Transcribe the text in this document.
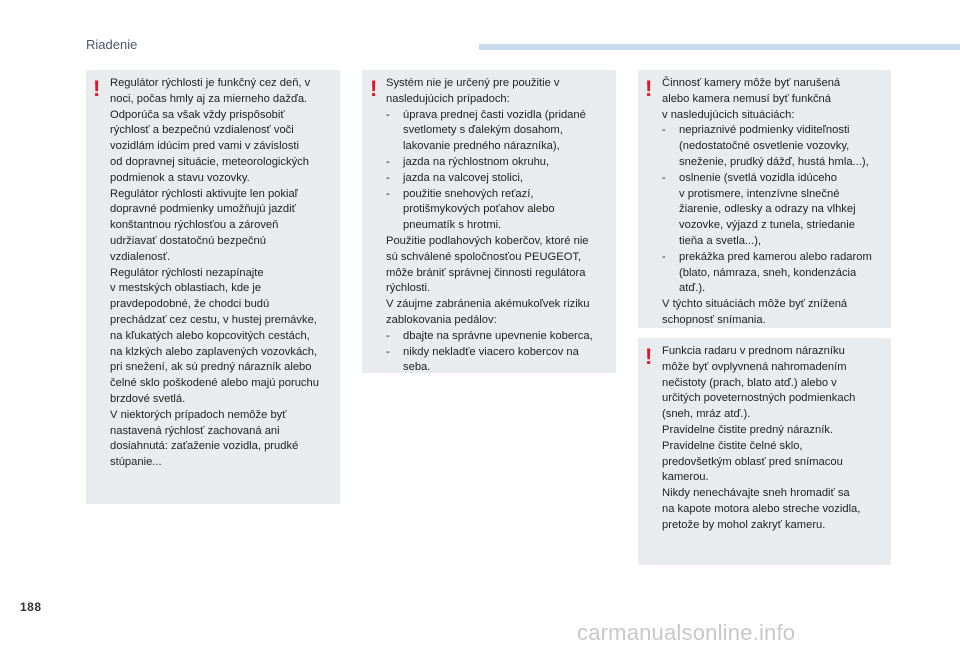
Riadenie
! Regulátor rýchlosti je funkčný cez deň, v
noci, počas hmly aj za mierneho dažďa.
Odporúča sa však vždy prispôsobiť
rýchlosť a bezpečnú vzdialenosť voči
vozidlám idúcim pred vami v závislosti
od dopravnej situácie, meteorologických
podmienok a stavu vozovky.
Regulátor rýchlosti aktivujte len pokiaľ
dopravné podmienky umožňujú jazdiť
konštantnou rýchlosťou a zároveň
udržiavať dostatočnú bezpečnú
vzdialenosť.
Regulátor rýchlosti nezapínajte
v mestských oblastiach, kde je
pravdepodobné, že chodci budú
prechádzať cez cestu, v hustej premávke,
na kľukatých alebo kopcovitých cestách,
na klzkých alebo zaplavených vozovkách,
pri snežení, ak sú predný nárazník alebo
čelné sklo poškodené alebo majú poruchu
brzdové svetlá.
V niektorých prípadoch nemôže byť
nastavená rýchlosť zachovaná ani
dosiahnutá: zaťaženie vozidla, prudké
stúpanie...
! Systém nie je určený pre použitie v
nasledujúcich prípadoch:
-	úprava prednej časti vozidla (pridané
svetlomety s ďalekým dosahom,
lakovanie predného nárazníka),
-	jazda na rýchlostnom okruhu,
-	jazda na valcovej stolici,
-	použitie snehových reťazí,
protišmykových poťahov alebo
pneumatík s hrotmi.
Použitie podlahových koberčov, ktoré nie
sú schválené spoločnosťou PEUGEOT,
môže brániť správnej činnosti regulátora
rýchlosti.
V záujme zabránenia akémukoľvek riziku
zablokovania pedálov:
-	dbajte na správne upevnenie koberca,
-	nikdy nekladťe viacero kobercov na
seba.
! Činnosť kamery môže byť narušená
alebo kamera nemusí byť funkčná
v nasledujúcich situáciách:
-	nepriaznivé podmienky viditeľnosti
(nedostatočné osvetlenie vozovky,
sneženie, prudký dážď, hustá hmla...),
-	oslnenie (svetlá vozidla idúceho
v protismere, intenzívne slnečné
žiarenie, odlesky a odrazy na vlhkej
vozovke, výjazd z tunela, striedanie
tieňa a svetla...),
-	prekážka pred kamerou alebo radarom
(blato, námraza, sneh, kondenzácia
atď.).
V týchto situáciách môže byť znížená
schopnosť snímania.
! Funkcia radaru v prednom nárazníku
môže byť ovplyvnená nahromadením
nečistoty (prach, blato atď.) alebo v
určitých poveternostných podmienkach
(sneh, mráz atď.).
Pravidelne čistite predný nárazník.
Pravidelne čistite čelné sklo,
predovšetkým oblasť pred snímacou
kamerou.
Nikdy nenechávajte sneh hromadiť sa
na kapote motora alebo streche vozidla,
pretože by mohol zakryť kameru.
188
carmanualsonline.info
